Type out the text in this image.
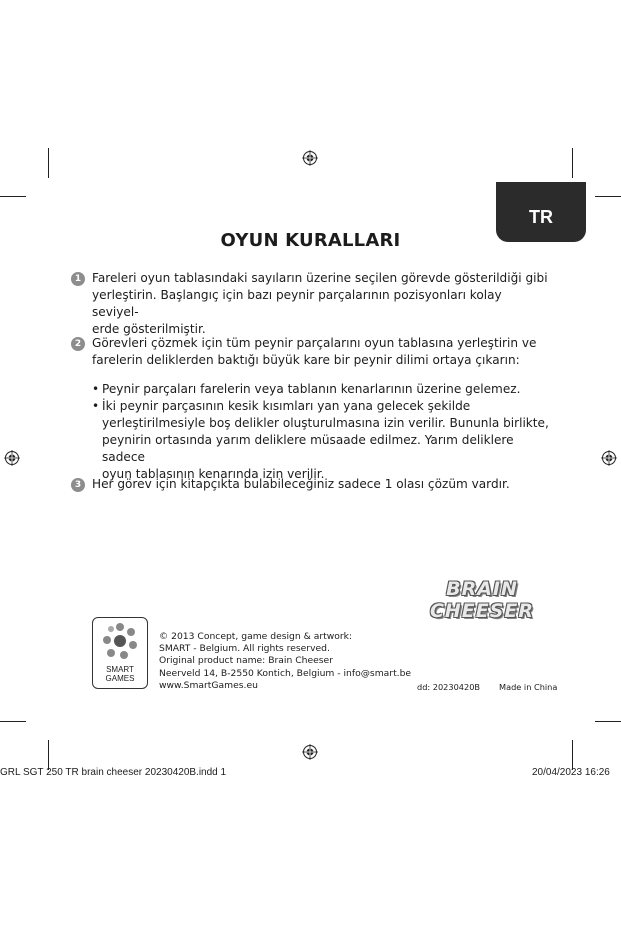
TR
OYUN KURALLARI
1 Fareleri oyun tablasındaki sayıların üzerine seçilen görevde gösterildiği gibi

yerleştirin. Başlangıç için bazı peynir parçalarının pozisyonları kolay seviyel-

erde gösterilmiştir.

2 Görevleri çözmek için tüm peynir parçalarını oyun tablasına yerleştirin ve

farelerin deliklerden baktığı büyük kare bir peynir dilimi ortaya çıkarın:

• Peynir parçaları farelerin veya tablanın kenarlarının üzerine gelemez.
• İki peynir parçasının kesik kısımları yan yana gelecek şekilde
yerleştirilmesiyle boş delikler oluşturulmasına izin verilir. Bununla birlikte,
peynirin ortasında yarım deliklere müsaade edilmez. Yarım deliklere sadece
oyun tablasının kenarında izin verilir.
3 Her görev için kitapçıkta bulabileceğiniz sadece 1 olası çözüm vardır.

BRAIN
CHEESER
SMART
GAMES
© 2013 Concept, game design & artwork:
SMART - Belgium. All rights reserved.
Original product name: Brain Cheeser
Neerveld 14, B-2550 Kontich, Belgium - info@smart.be
www.SmartGames.eu	dd: 20230420B Made in China
GRL SGT 250 TR brain cheeser 20230420B.indd 1	20/04/2023 16:26
